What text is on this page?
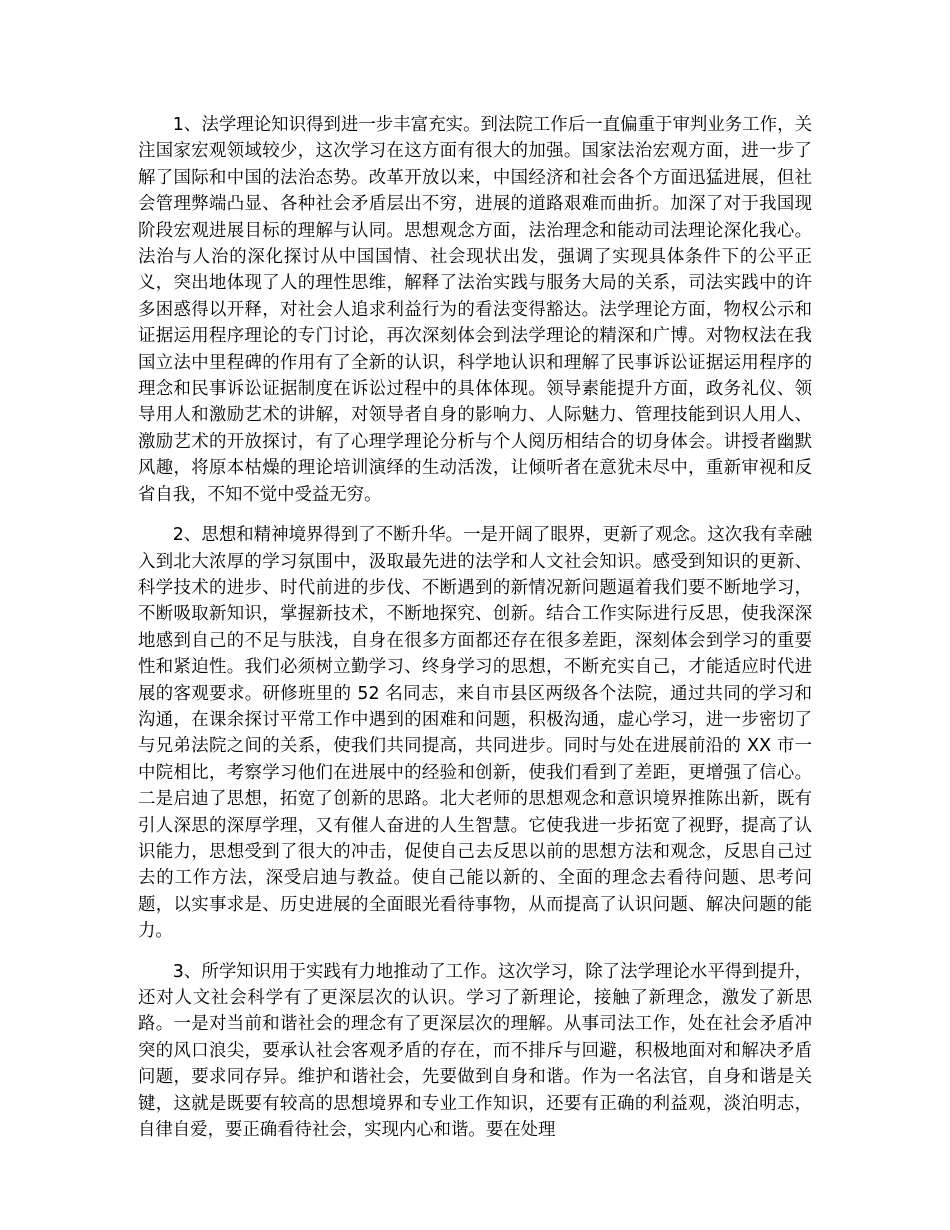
1、法学理论知识得到进一步丰富充实。到法院工作后一直偏重于审判业务工作，关注国家宏观领域较少，这次学习在这方面有很大的加强。国家法治宏观方面，进一步了解了国际和中国的法治态势。改革开放以来，中国经济和社会各个方面迅猛进展，但社会管理弊端凸显、各种社会矛盾层出不穷，进展的道路艰难而曲折。加深了对于我国现阶段宏观进展目标的理解与认同。思想观念方面，法治理念和能动司法理论深化我心。法治与人治的深化探讨从中国国情、社会现状出发，强调了实现具体条件下的公平正义，突出地体现了人的理性思维，解释了法治实践与服务大局的关系，司法实践中的许多困惑得以开释，对社会人追求利益行为的看法变得豁达。法学理论方面，物权公示和证据运用程序理论的专门讨论，再次深刻体会到法学理论的精深和广博。对物权法在我国立法中里程碑的作用有了全新的认识，科学地认识和理解了民事诉讼证据运用程序的理念和民事诉讼证据制度在诉讼过程中的具体体现。领导素能提升方面，政务礼仪、领导用人和激励艺术的讲解，对领导者自身的影响力、人际魅力、管理技能到识人用人、激励艺术的开放探讨，有了心理学理论分析与个人阅历相结合的切身体会。讲授者幽默风趣，将原本枯燥的理论培训演绎的生动活泼，让倾听者在意犹未尽中，重新审视和反省自我，不知不觉中受益无穷。

2、思想和精神境界得到了不断升华。一是开阔了眼界，更新了观念。这次我有幸融入到北大浓厚的学习氛围中，汲取最先进的法学和人文社会知识。感受到知识的更新、科学技术的进步、时代前进的步伐、不断遇到的新情况新问题逼着我们要不断地学习，不断吸取新知识，掌握新技术，不断地探究、创新。结合工作实际进行反思，使我深深地感到自己的不足与肤浅，自身在很多方面都还存在很多差距，深刻体会到学习的重要性和紧迫性。我们必须树立勤学习、终身学习的思想，不断充实自己，才能适应时代进展的客观要求。研修班里的 52 名同志，来自市县区两级各个法院，通过共同的学习和沟通，在课余探讨平常工作中遇到的困难和问题，积极沟通，虚心学习，进一步密切了与兄弟法院之间的关系，使我们共同提高，共同进步。同时与处在进展前沿的 XX 市一中院相比，考察学习他们在进展中的经验和创新，使我们看到了差距，更增强了信心。二是启迪了思想，拓宽了创新的思路。北大老师的思想观念和意识境界推陈出新，既有引人深思的深厚学理，又有催人奋进的人生智慧。它使我进一步拓宽了视野，提高了认识能力，思想受到了很大的冲击，促使自己去反思以前的思想方法和观念，反思自己过去的工作方法，深受启迪与教益。使自己能以新的、全面的理念去看待问题、思考问题，以实事求是、历史进展的全面眼光看待事物，从而提高了认识问题、解决问题的能力。

3、所学知识用于实践有力地推动了工作。这次学习，除了法学理论水平得到提升，还对人文社会科学有了更深层次的认识。学习了新理论，接触了新理念，激发了新思路。一是对当前和谐社会的理念有了更深层次的理解。从事司法工作，处在社会矛盾冲突的风口浪尖，要承认社会客观矛盾的存在，而不排斥与回避，积极地面对和解决矛盾问题，要求同存异。维护和谐社会，先要做到自身和谐。作为一名法官，自身和谐是关键，这就是既要有较高的思想境界和专业工作知识，还要有正确的利益观，淡泊明志，自律自爱，要正确看待社会，实现内心和谐。要在处理
